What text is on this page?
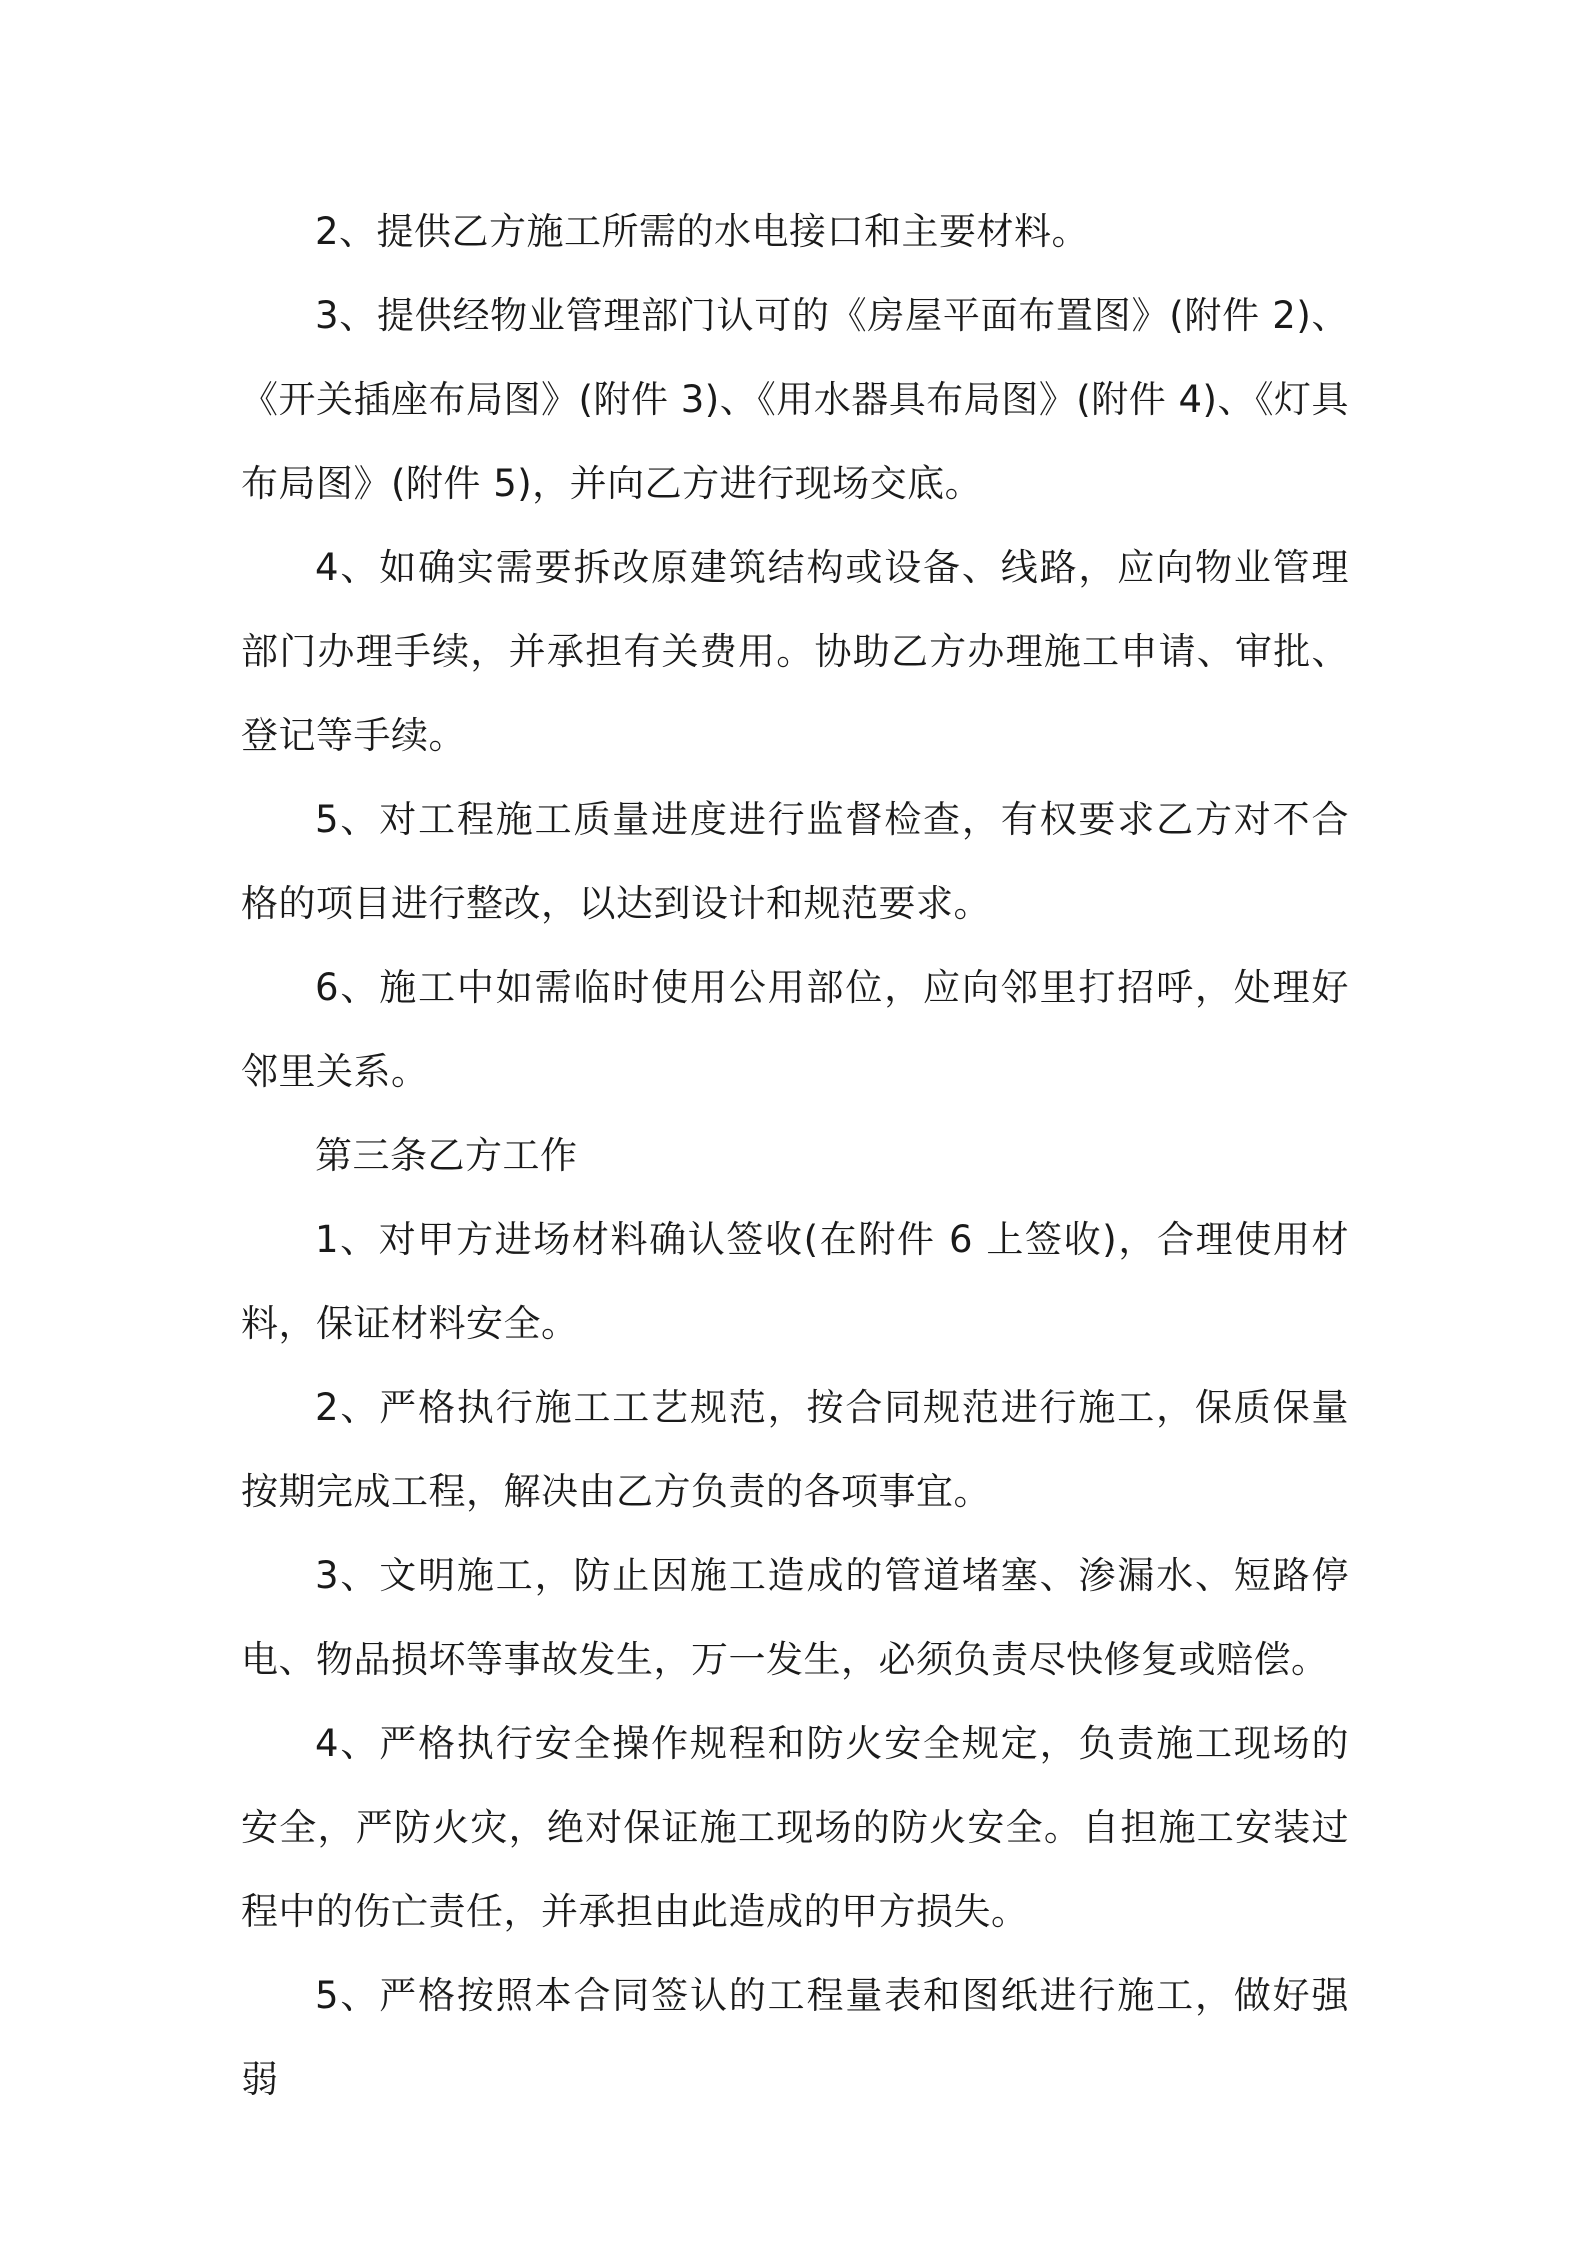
2、提供乙方施工所需的水电接口和主要材料。

3、提供经物业管理部门认可的《房屋平面布置图》(附件 2)、《开关插座布局图》(附件 3)、《用水器具布局图》(附件 4)、《灯具布局图》(附件 5)，并向乙方进行现场交底。

4、如确实需要拆改原建筑结构或设备、线路，应向物业管理部门办理手续，并承担有关费用。协助乙方办理施工申请、审批、登记等手续。

5、对工程施工质量进度进行监督检查，有权要求乙方对不合格的项目进行整改，以达到设计和规范要求。

6、施工中如需临时使用公用部位，应向邻里打招呼，处理好邻里关系。

第三条乙方工作

1、对甲方进场材料确认签收(在附件 6 上签收)，合理使用材料，保证材料安全。

2、严格执行施工工艺规范，按合同规范进行施工，保质保量按期完成工程，解决由乙方负责的各项事宜。

3、文明施工，防止因施工造成的管道堵塞、渗漏水、短路停电、物品损坏等事故发生，万一发生，必须负责尽快修复或赔偿。

4、严格执行安全操作规程和防火安全规定，负责施工现场的安全，严防火灾，绝对保证施工现场的防火安全。自担施工安装过程中的伤亡责任，并承担由此造成的甲方损失。

5、严格按照本合同签认的工程量表和图纸进行施工，做好强弱
